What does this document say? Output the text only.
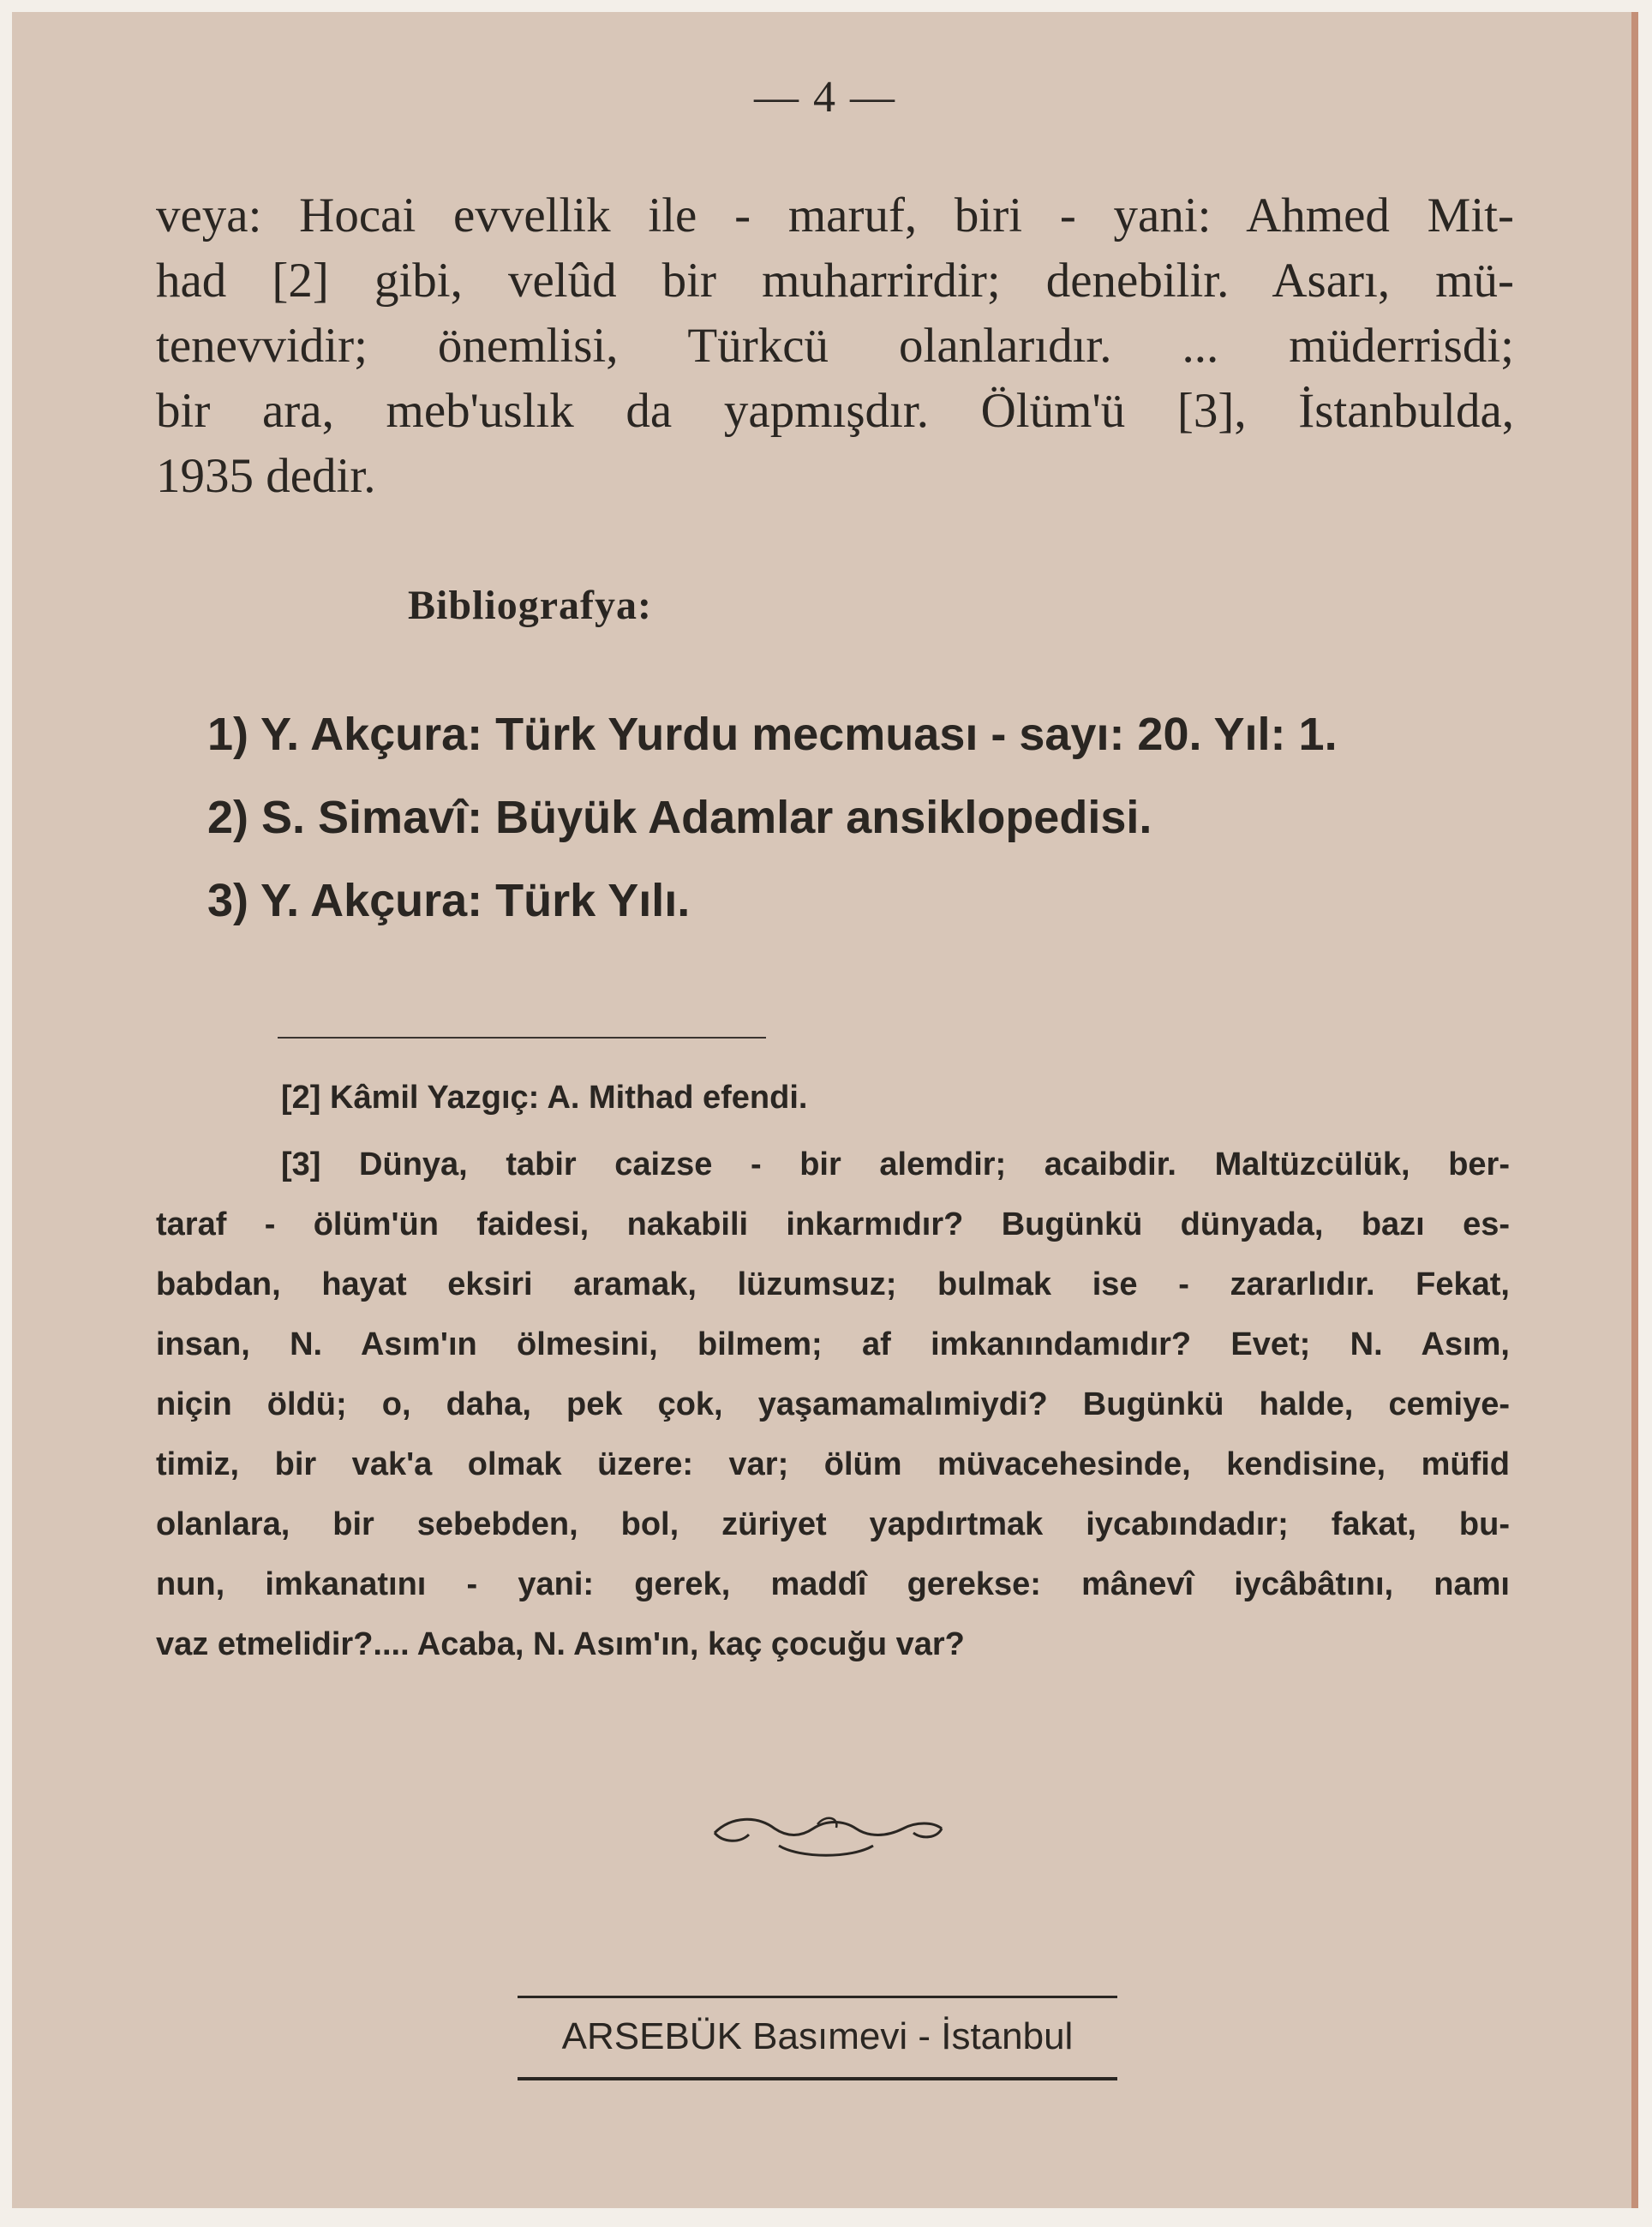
— 4 —
veya: Hocai evvellik ile - maruf, biri - yani: Ahmed Mit-
had [2] gibi, velûd bir muharrirdir; denebilir. Asarı, mü-
tenevvidir; önemlisi, Türkcü olanlarıdır. ... müderrisdi;
bir ara, meb'uslık da yapmışdır. Ölüm'ü [3], İstanbulda,
1935 dedir.
Bibliografya:
1) Y. Akçura: Türk Yurdu mecmuası - sayı: 20. Yıl: 1.
2) S. Simavî: Büyük Adamlar ansiklopedisi.
3) Y. Akçura: Türk Yılı.
[2] Kâmil Yazgıç: A. Mithad efendi.
[3] Dünya, tabir caizse - bir alemdir; acaibdir. Maltüzcülük, ber-
taraf - ölüm'ün faidesi, nakabili inkarmıdır? Bugünkü dünyada, bazı es-
babdan, hayat eksiri aramak, lüzumsuz; bulmak ise - zararlıdır. Fekat,
insan, N. Asım'ın ölmesini, bilmem; af imkanındamıdır? Evet; N. Asım,
niçin öldü; o, daha, pek çok, yaşamamalımiydi? Bugünkü halde, cemiye-
timiz, bir vak'a olmak üzere: var; ölüm müvacehesinde, kendisine, müfid
olanlara, bir sebebden, bol, züriyet yapdırtmak iycabındadır; fakat, bu-
nun, imkanatını - yani: gerek, maddî gerekse: mânevî iycâbâtını, namı
vaz etmelidir?.... Acaba, N. Asım'ın, kaç çocuğu var?
ARSEBÜK Basımevi - İstanbul
